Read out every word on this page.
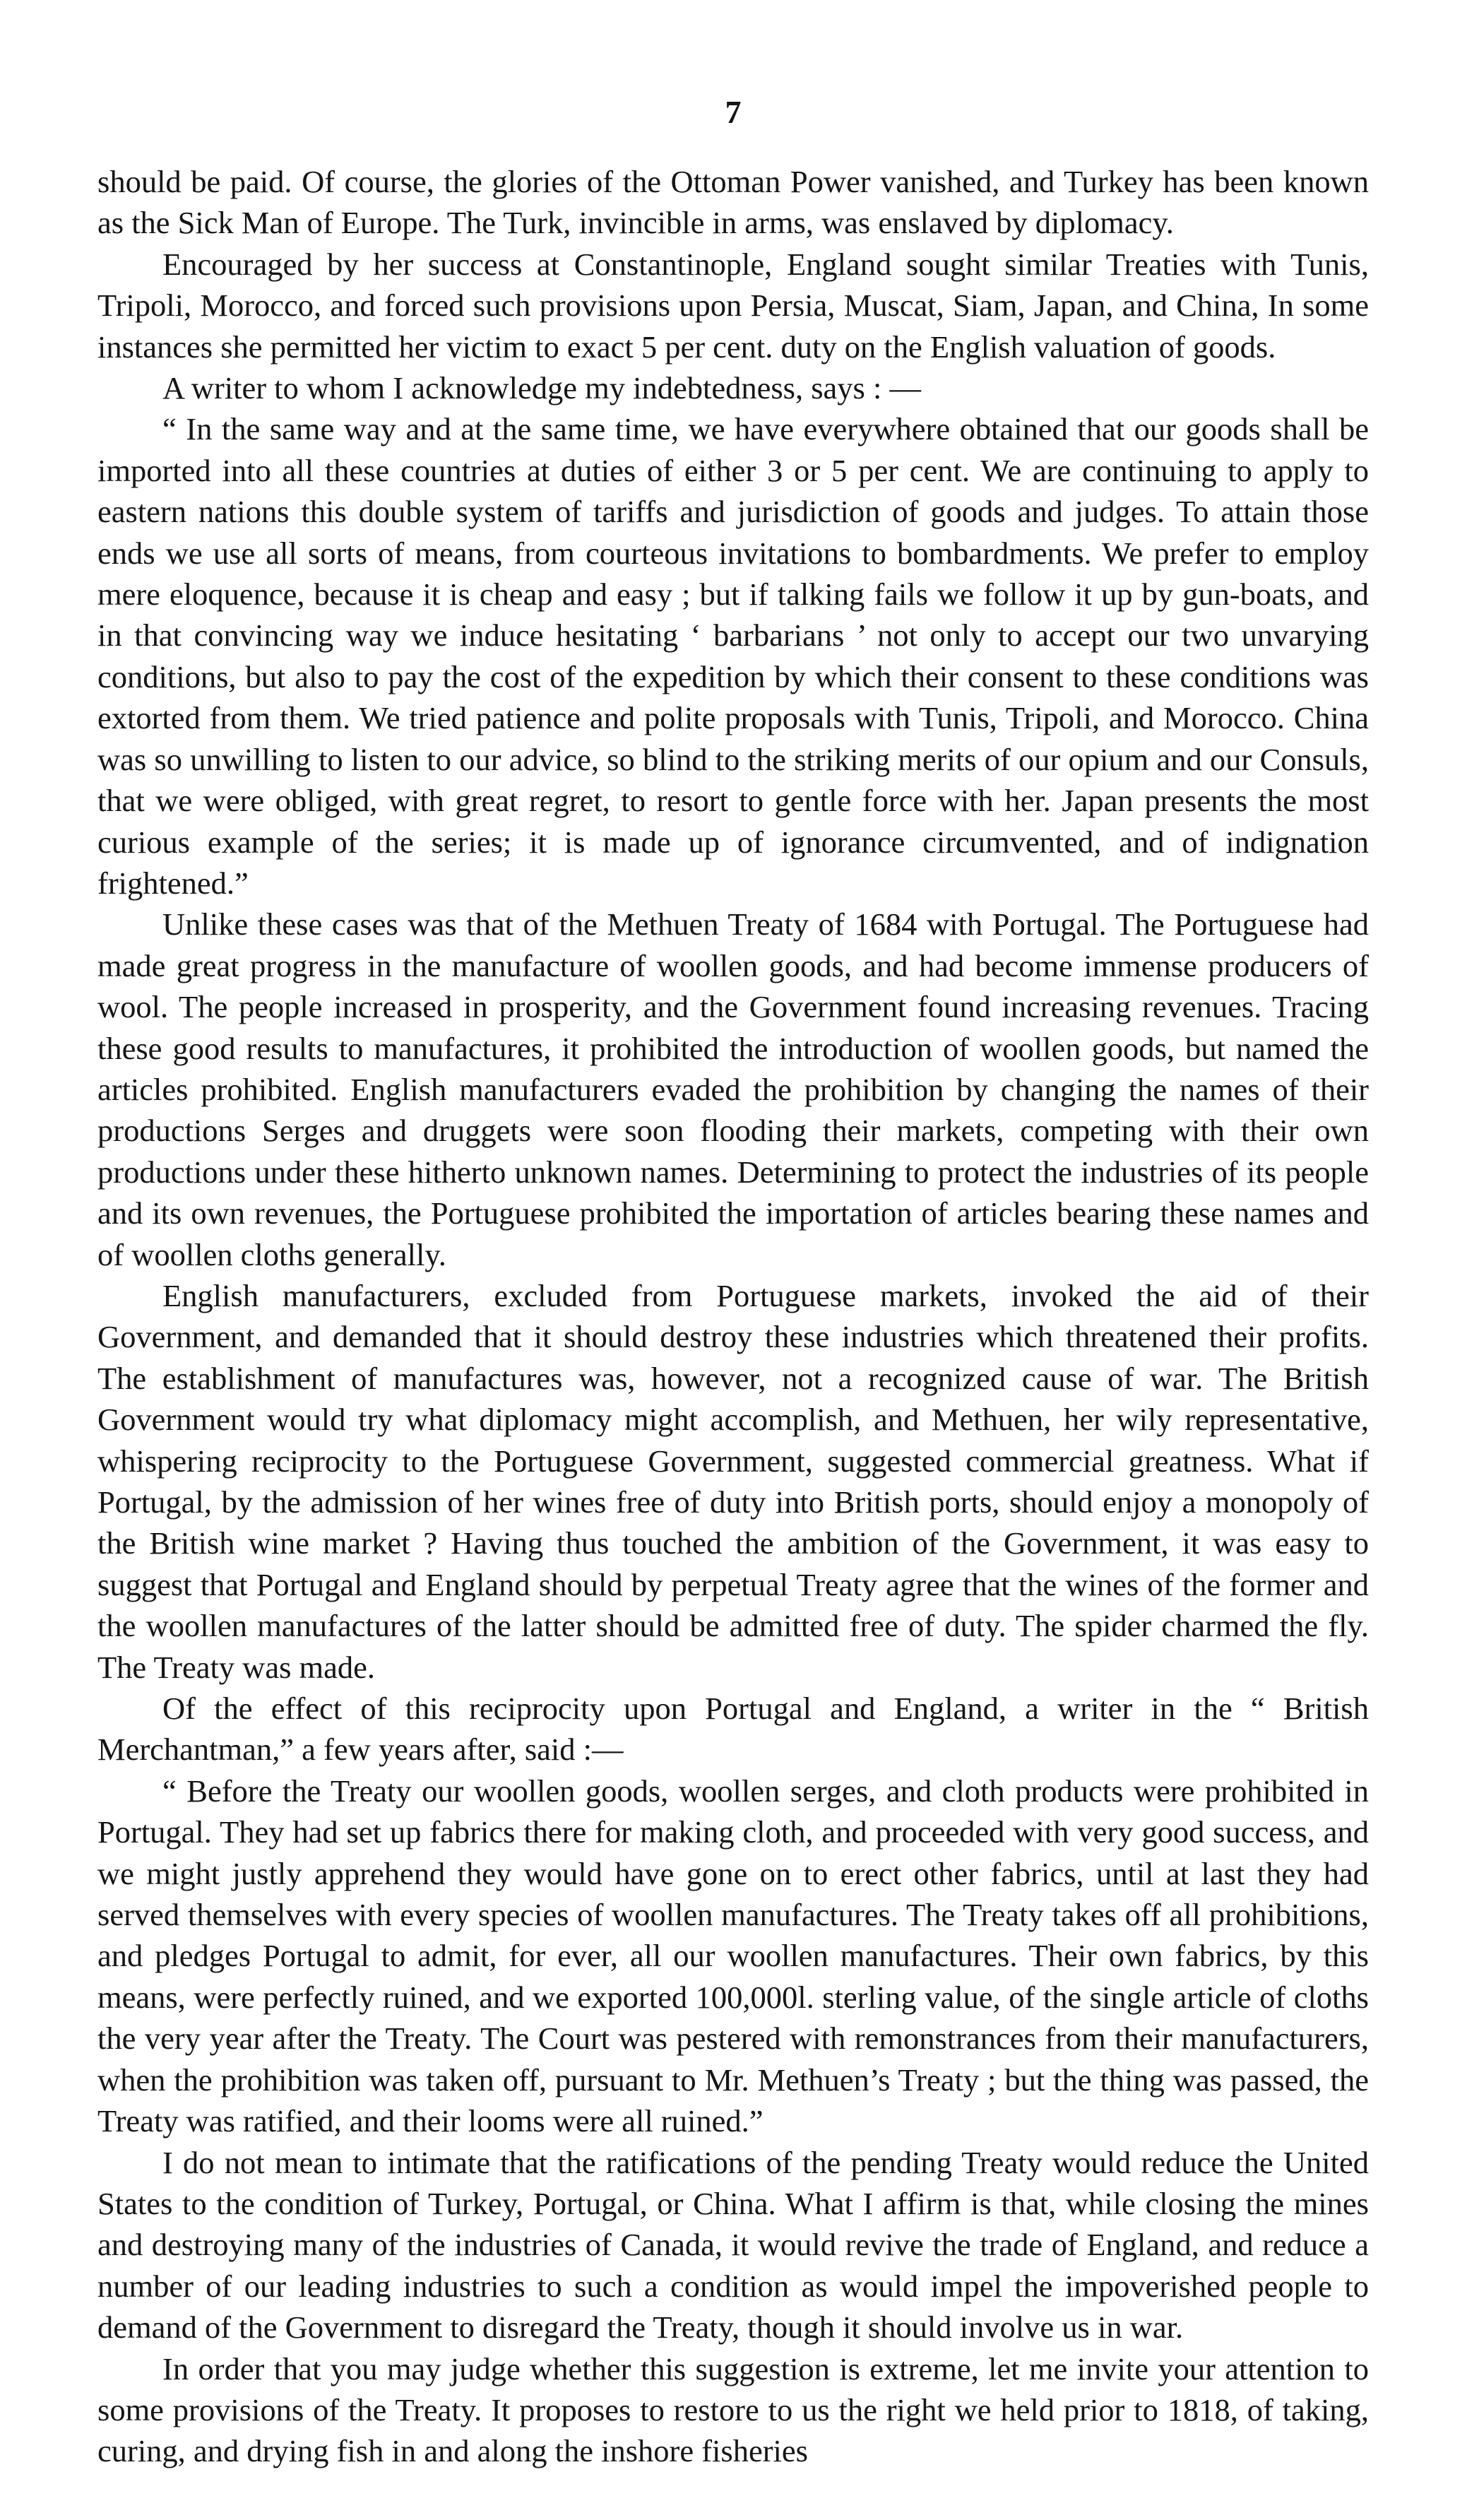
7

should be paid. Of course, the glories of the Ottoman Power vanished, and Turkey has been known as the Sick Man of Europe. The Turk, invincible in arms, was enslaved by diplomacy.

Encouraged by her success at Constantinople, England sought similar Treaties with Tunis, Tripoli, Morocco, and forced such provisions upon Persia, Muscat, Siam, Japan, and China, In some instances she permitted her victim to exact 5 per cent. duty on the English valuation of goods.

A writer to whom I acknowledge my indebtedness, says : —

“ In the same way and at the same time, we have everywhere obtained that our goods shall be imported into all these countries at duties of either 3 or 5 per cent. We are continuing to apply to eastern nations this double system of tariffs and jurisdiction of goods and judges. To attain those ends we use all sorts of means, from courteous invitations to bombardments. We prefer to employ mere eloquence, because it is cheap and easy ; but if talking fails we follow it up by gun-boats, and in that convincing way we induce hesitating ‘ barbarians ’ not only to accept our two unvarying conditions, but also to pay the cost of the expedition by which their consent to these conditions was extorted from them. We tried patience and polite proposals with Tunis, Tripoli, and Morocco. China was so unwilling to listen to our advice, so blind to the striking merits of our opium and our Consuls, that we were obliged, with great regret, to resort to gentle force with her. Japan presents the most curious example of the series; it is made up of ignorance circumvented, and of indignation frightened.”

Unlike these cases was that of the Methuen Treaty of 1684 with Portugal. The Portuguese had made great progress in the manufacture of woollen goods, and had become immense producers of wool. The people increased in prosperity, and the Government found increasing revenues. Tracing these good results to manufactures, it prohibited the introduction of woollen goods, but named the articles prohibited. English manufacturers evaded the prohibition by changing the names of their productions Serges and druggets were soon flooding their markets, competing with their own productions under these hitherto unknown names. Determining to protect the industries of its people and its own revenues, the Portuguese prohibited the importation of articles bearing these names and of woollen cloths generally.

English manufacturers, excluded from Portuguese markets, invoked the aid of their Government, and demanded that it should destroy these industries which threatened their profits. The establishment of manufactures was, however, not a recognized cause of war. The British Government would try what diplomacy might accomplish, and Methuen, her wily representative, whispering reciprocity to the Portuguese Government, suggested commercial greatness. What if Portugal, by the admission of her wines free of duty into British ports, should enjoy a monopoly of the British wine market ? Having thus touched the ambition of the Government, it was easy to suggest that Portugal and England should by perpetual Treaty agree that the wines of the former and the woollen manufactures of the latter should be admitted free of duty. The spider charmed the fly. The Treaty was made.

Of the effect of this reciprocity upon Portugal and England, a writer in the “ British Merchantman,” a few years after, said :—

“ Before the Treaty our woollen goods, woollen serges, and cloth products were prohibited in Portugal. They had set up fabrics there for making cloth, and proceeded with very good success, and we might justly apprehend they would have gone on to erect other fabrics, until at last they had served themselves with every species of woollen manufactures. The Treaty takes off all prohibitions, and pledges Portugal to admit, for ever, all our woollen manufactures. Their own fabrics, by this means, were perfectly ruined, and we exported 100,000l. sterling value, of the single article of cloths the very year after the Treaty. The Court was pestered with remonstrances from their manufacturers, when the prohibition was taken off, pursuant to Mr. Methuen’s Treaty ; but the thing was passed, the Treaty was ratified, and their looms were all ruined.”

I do not mean to intimate that the ratifications of the pending Treaty would reduce the United States to the condition of Turkey, Portugal, or China. What I affirm is that, while closing the mines and destroying many of the industries of Canada, it would revive the trade of England, and reduce a number of our leading industries to such a condition as would impel the impoverished people to demand of the Government to disregard the Treaty, though it should involve us in war.

In order that you may judge whether this suggestion is extreme, let me invite your attention to some provisions of the Treaty. It proposes to restore to us the right we held prior to 1818, of taking, curing, and drying fish in and along the inshore fisheries
